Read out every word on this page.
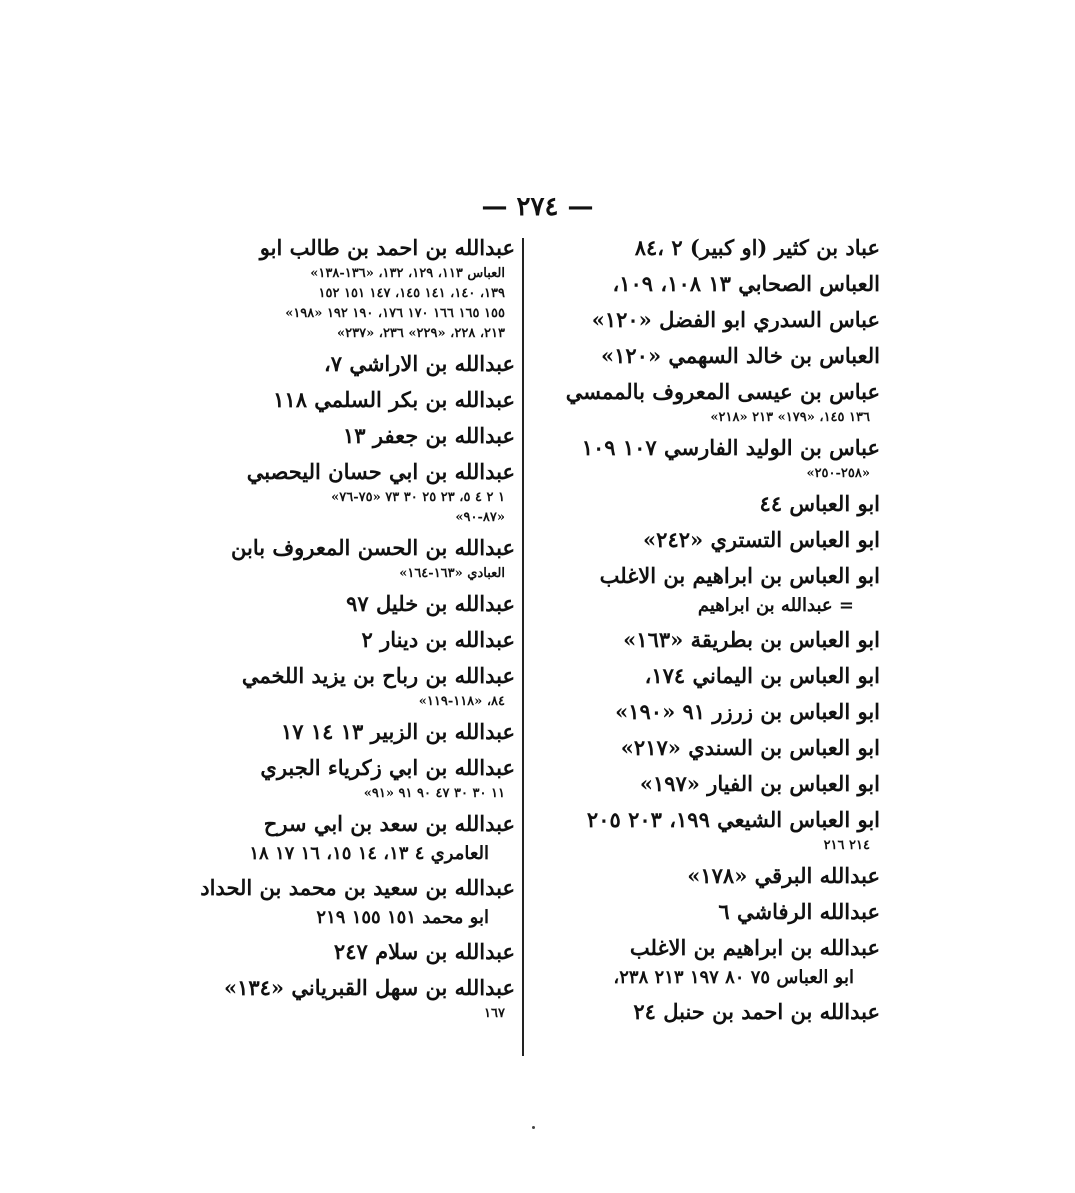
— ٢٧٤ —
عباد بن كثير (او كبير) ٢ ،٨٤
العباس الصحابي ١٣ ١٠٨، ١٠٩،
عباس السدري ابو الفضل «١٢٠»
العباس بن خالد السهمي «١٢٠»
عباس بن عيسى المعروف بالممسي
١٣٦ ١٤٥، «١٧٩» ٢١٣ «٢١٨»
عباس بن الوليد الفارسي ١٠٧ ١٠٩
«٢٥٨-٢٥٠»
ابو العباس ٤٤
ابو العباس التستري «٢٤٢»
ابو العباس بن ابراهيم بن الاغلب
= عبدالله بن ابراهيم
ابو العباس بن بطريقة «١٦٣»
ابو العباس بن اليماني ١٧٤،
ابو العباس بن زرزر ٩١ «١٩٠»
ابو العباس بن السندي «٢١٧»
ابو العباس بن الفيار «١٩٧»
ابو العباس الشيعي ١٩٩، ٢٠٣ ٢٠٥
٢١٤ ٢١٦
عبدالله البرقي «١٧٨»
عبدالله الرفاشي ٦
عبدالله بن ابراهيم بن الاغلب
ابو العباس ٧٥ ٨٠ ١٩٧ ٢١٣ ٢٣٨،
عبدالله بن احمد بن حنبل ٢٤
عبدالله بن احمد بن طالب ابو
العباس ١١٣، ١٢٩، ١٣٢، «١٣٦-١٣٨»
١٣٩، ١٤٠، ١٤١ ١٤٥، ١٤٧ ١٥١ ١٥٢
١٥٥ ١٦٥ ١٦٦ ١٧٠ ١٧٦، ١٩٠ ١٩٢ «١٩٨»
٢١٣، ٢٢٨، «٢٢٩» ٢٣٦، «٢٣٧»
عبدالله بن الاراشي ٧،
عبدالله بن بكر السلمي ١١٨
عبدالله بن جعفر ١٣
عبدالله بن ابي حسان اليحصبي
١ ٢ ٤ ٥، ٢٣ ٢٥ ٣٠ ٧٣ «٧٥-٧٦»
«٨٧-٩٠»
عبدالله بن الحسن المعروف بابن
العبادي «١٦٣-١٦٤»
عبدالله بن خليل ٩٧
عبدالله بن دينار ٢
عبدالله بن رباح بن يزيد اللخمي
٨٤، «١١٨-١١٩»
عبدالله بن الزبير ١٣ ١٤ ١٧
عبدالله بن ابي زكرياء الجبري
١١ ٣٠ ٣٠ ٤٧ ٩٠ ٩١ «٩١»
عبدالله بن سعد بن ابي سرح
العامري ٤ ١٣، ١٤ ١٥، ١٦ ١٧ ١٨
عبدالله بن سعيد بن محمد بن الحداد
ابو محمد ١٥١ ١٥٥ ٢١٩
عبدالله بن سلام ٢٤٧
عبدالله بن سهل القبرياني «١٣٤»
١٦٧
